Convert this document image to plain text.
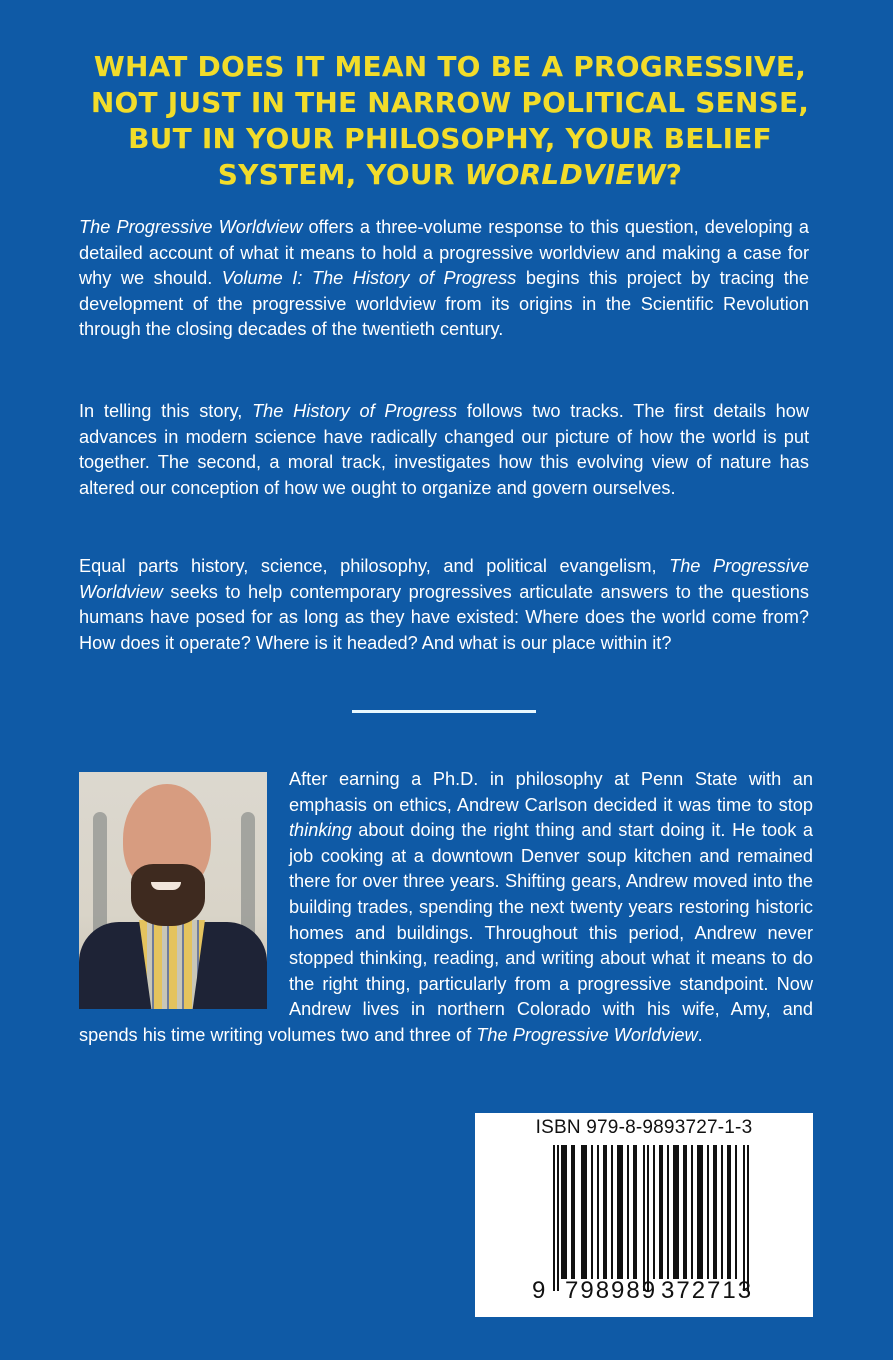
WHAT DOES IT MEAN TO BE A PROGRESSIVE,
NOT JUST IN THE NARROW POLITICAL SENSE,
BUT IN YOUR PHILOSOPHY, YOUR BELIEF
SYSTEM, YOUR WORLDVIEW?
The Progressive Worldview offers a three-volume response to this question, developing a detailed account of what it means to hold a progressive worldview and making a case for why we should. Volume I: The History of Progress begins this project by tracing the development of the progressive worldview from its origins in the Scientific Revolution through the closing decades of the twentieth century.
In telling this story, The History of Progress follows two tracks. The first details how advances in modern science have radically changed our picture of how the world is put together. The second, a moral track, investigates how this evolving view of nature has altered our conception of how we ought to organize and govern ourselves.
Equal parts history, science, philosophy, and political evangelism, The Progressive Worldview seeks to help contemporary progressives articulate answers to the questions humans have posed for as long as they have existed: Where does the world come from? How does it operate? Where is it headed? And what is our place within it?
After earning a Ph.D. in philosophy at Penn State with an emphasis on ethics, Andrew Carlson decided it was time to stop thinking about doing the right thing and start doing it. He took a job cooking at a downtown Denver soup kitchen and remained there for over three years. Shifting gears, Andrew moved into the building trades, spending the next twenty years restoring historic homes and buildings. Throughout this period, Andrew never stopped thinking, reading, and writing about what it means to do the right thing, particularly from a progressive standpoint. Now Andrew lives in northern Colorado with his wife, Amy, and spends his time writing volumes two and three of The Progressive Worldview.
ISBN 979-8-9893727-1-3
9 798989 372713
